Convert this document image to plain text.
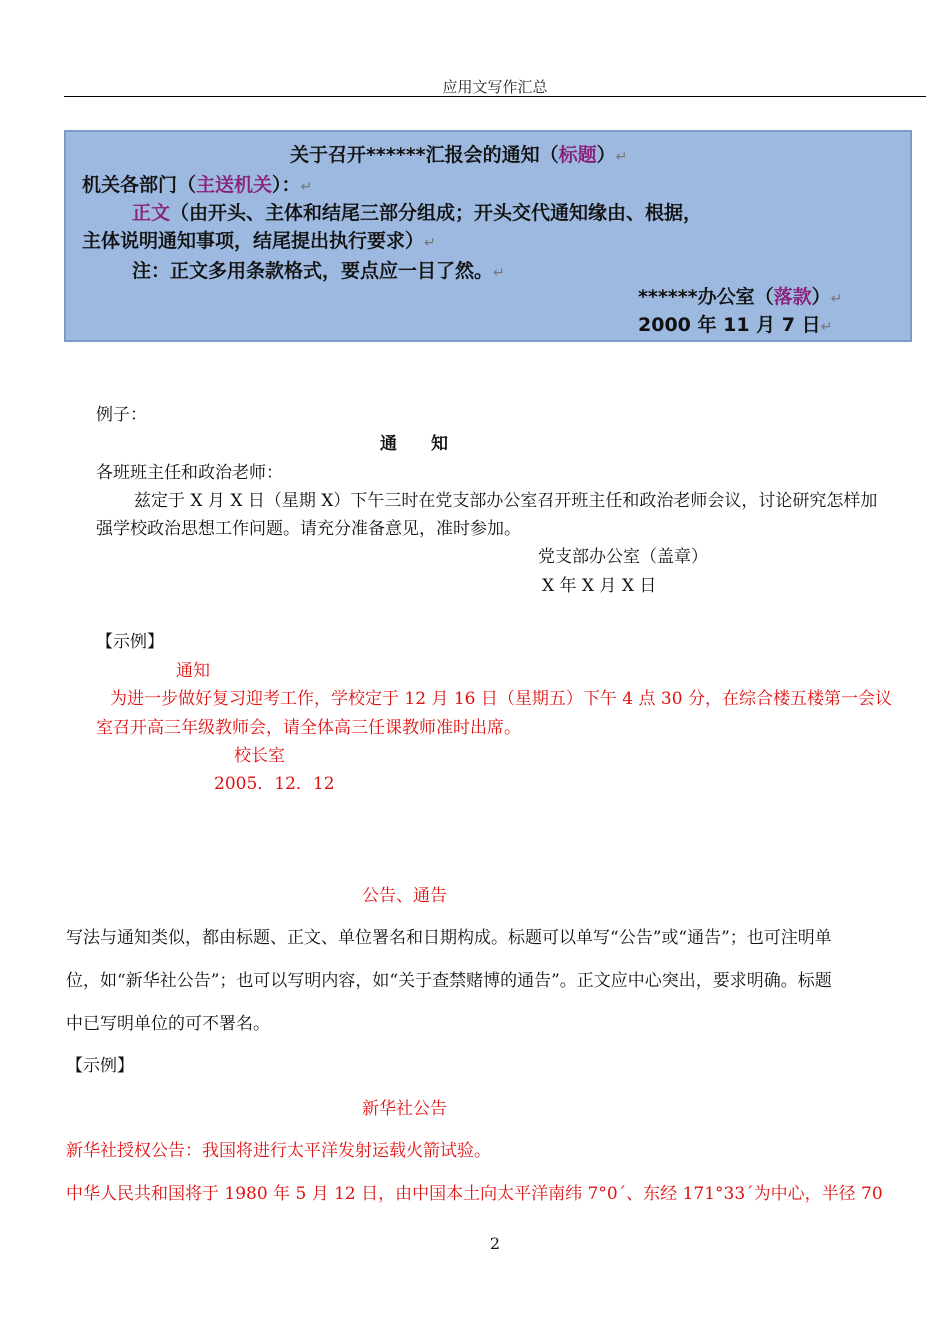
应用文写作汇总
关于召开******汇报会的通知（标题）↵
机关各部门（主送机关）：↵
正文（由开头、主体和结尾三部分组成；开头交代通知缘由、根据，
主体说明通知事项，结尾提出执行要求）↵
注：正文多用条款格式，要点应一目了然。↵
******办公室（落款）↵
2000 年 11 月 7 日↵
例子：
通　　知
各班班主任和政治老师：
兹定于 X 月 X 日（星期 X）下午三时在党支部办公室召开班主任和政治老师会议，讨论研究怎样加
强学校政治思想工作问题。请充分准备意见，准时参加。
党支部办公室（盖章）
X 年 X 月 X 日
【示例】
通知
为进一步做好复习迎考工作，学校定于 12 月 16 日（星期五）下午 4 点 30 分，在综合楼五楼第一会议
室召开高三年级教师会，请全体高三任课教师准时出席。
校长室
2005．12．12
公告、通告
写法与通知类似，都由标题、正文、单位署名和日期构成。标题可以单写“公告”或“通告”；也可注明单
位，如“新华社公告”；也可以写明内容，如“关于查禁赌博的通告”。正文应中心突出，要求明确。标题
中已写明单位的可不署名。
【示例】
新华社公告
新华社授权公告：我国将进行太平洋发射运载火箭试验。
中华人民共和国将于 1980 年 5 月 12 日，由中国本土向太平洋南纬 7°0´、东经 171°33´为中心，半径 70
2
